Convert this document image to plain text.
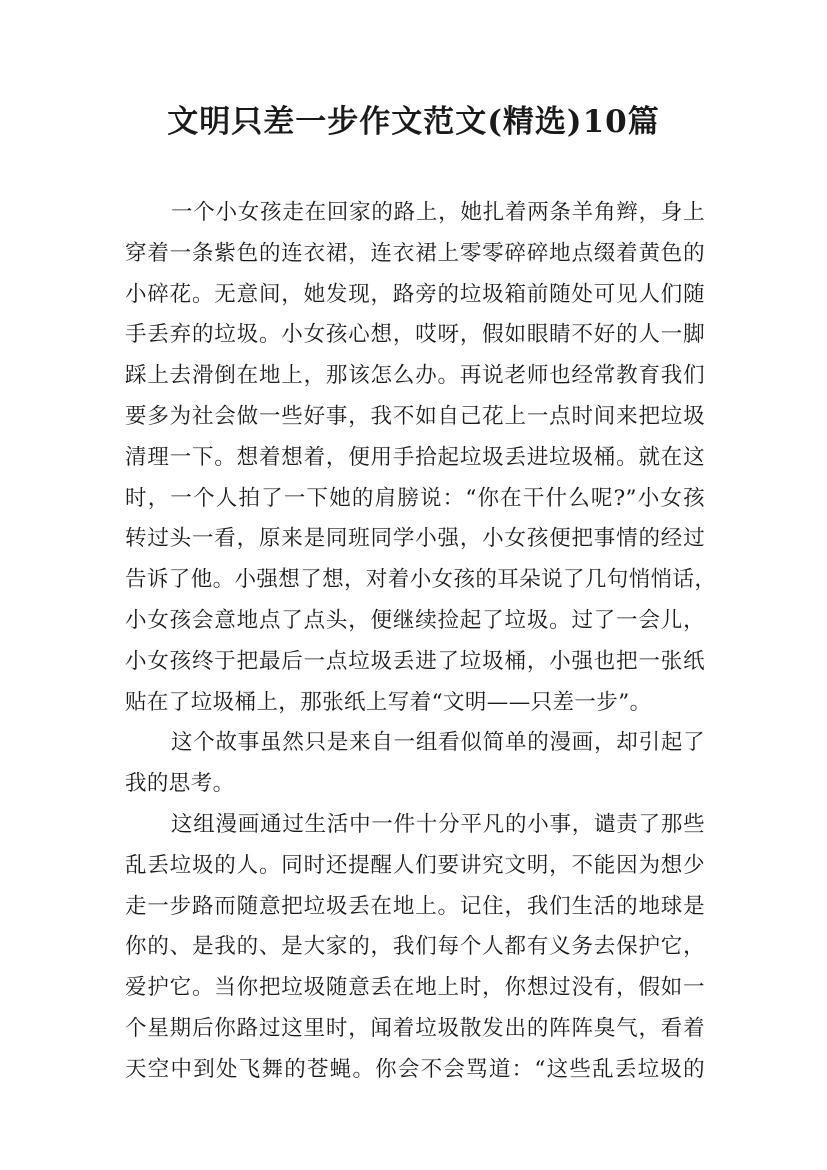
文明只差一步作文范文(精选)10篇
一个小女孩走在回家的路上，她扎着两条羊角辫，身上
穿着一条紫色的连衣裙，连衣裙上零零碎碎地点缀着黄色的
小碎花。无意间，她发现，路旁的垃圾箱前随处可见人们随
手丢弃的垃圾。小女孩心想，哎呀，假如眼睛不好的人一脚
踩上去滑倒在地上，那该怎么办。再说老师也经常教育我们
要多为社会做一些好事，我不如自己花上一点时间来把垃圾
清理一下。想着想着，便用手拾起垃圾丢进垃圾桶。就在这
时，一个人拍了一下她的肩膀说：“你在干什么呢?”小女孩
转过头一看，原来是同班同学小强，小女孩便把事情的经过
告诉了他。小强想了想，对着小女孩的耳朵说了几句悄悄话，
小女孩会意地点了点头，便继续捡起了垃圾。过了一会儿，
小女孩终于把最后一点垃圾丢进了垃圾桶，小强也把一张纸
贴在了垃圾桶上，那张纸上写着“文明——只差一步”。
这个故事虽然只是来自一组看似简单的漫画，却引起了
我的思考。
这组漫画通过生活中一件十分平凡的小事，谴责了那些
乱丢垃圾的人。同时还提醒人们要讲究文明，不能因为想少
走一步路而随意把垃圾丢在地上。记住，我们生活的地球是
你的、是我的、是大家的，我们每个人都有义务去保护它，
爱护它。当你把垃圾随意丢在地上时，你想过没有，假如一
个星期后你路过这里时，闻着垃圾散发出的阵阵臭气，看着
天空中到处飞舞的苍蝇。你会不会骂道：“这些乱丢垃圾的
